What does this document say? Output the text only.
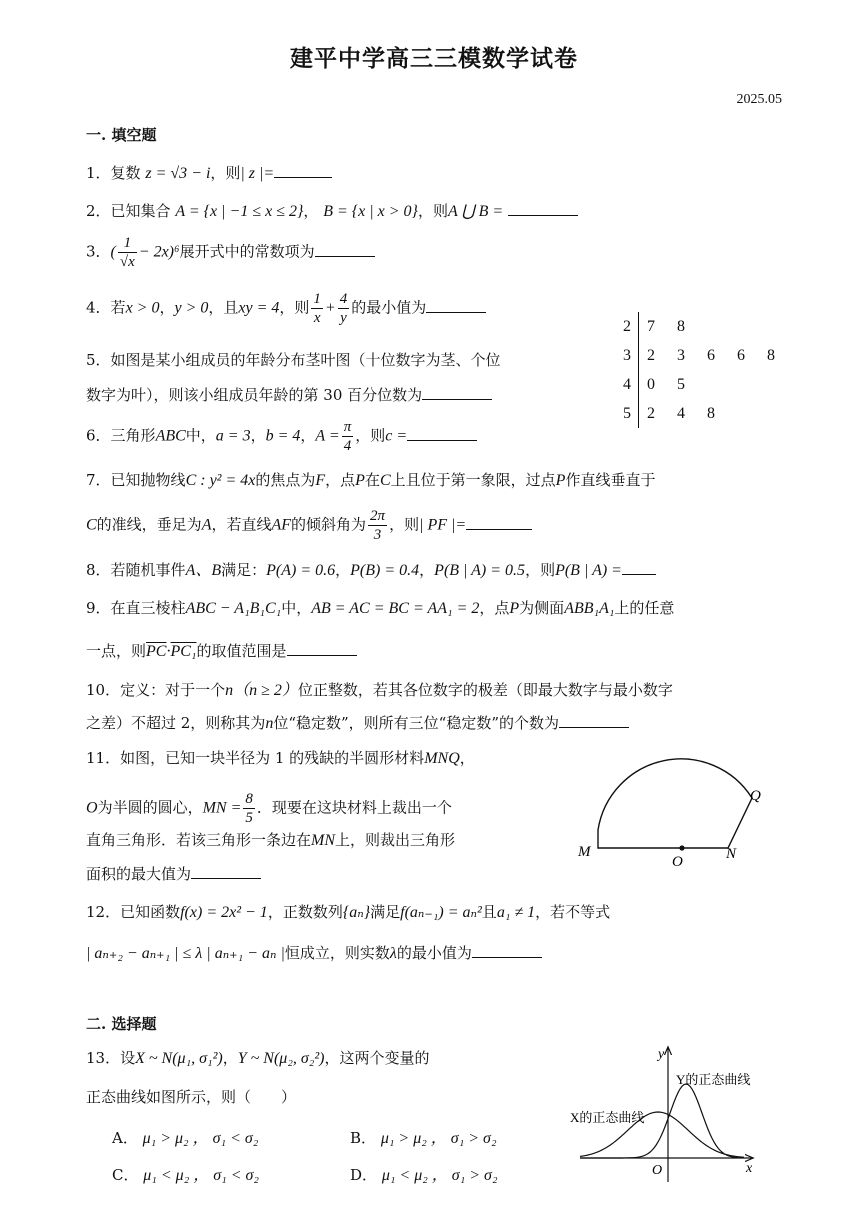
建平中学高三三模数学试卷
2025.05
一. 填空题
1．复数 z = √3 − i，则| z |=
2．已知集合 A = {x | −1 ≤ x ≤ 2}， B = {x | x > 0}，则A ⋃ B =
3．( $\frac{1}{√x} - 2x)^6$展开式中的常数项为
4．若x > 0，y > 0，且xy = 4，则 $\frac{1}{x} + \frac{4}{y}$ 的最小值为
2	7 8
3	2 3 6 6 8
4	0 5
5	2 4 8
5．如图是某小组成员的年龄分布茎叶图（十位数字为茎、个位
数字为叶），则该小组成员年龄的第 30 百分位数为
6．三角形ABC中，a = 3，b = 4，$A = \frac{\pi}{4}$ ，则c =
7．已知抛物线C : y² = 4x的焦点为F，点P在C上且位于第一象限，过点P作直线垂直于
C的准线，垂足为A，若直线AF的倾斜角为 $\frac{2\pi}{3}$ ，则| PF |=
8．若随机事件A、B满足：P(A) = 0.6，P(B) = 0.4，P(B | A) = 0.5，则P(B | A) =
9．在直三棱柱ABC − A₁B₁C₁中，AB = AC = BC = AA₁ = 2，点P为侧面ABB₁A₁上的任意
一点，则$\overline{PC}\cdot PC_1$的取值范围是
10．定义：对于一个n（n ≥ 2）位正整数，若其各位数字的极差（即最大数字与最小数字
之差）不超过 2，则称其为n位“稳定数”，则所有三位“稳定数”的个数为
11．如图，已知一块半径为 1 的残缺的半圆形材料MNQ，
O为半圆的圆心，MN = $\frac{8}{5}$ ．现要在这块材料上裁出一个
直角三角形．若该三角形一条边在MN上，则裁出三角形
面积的最大值为
M
O	N
Q
12．已知函数f(x) = 2x² − 1，正数数列{aₙ}满足f(aₙ₋₁) = aₙ²且a₁ ≠ 1，若不等式
| aₙ₊₂ − aₙ₊₁ | ≤ λ | aₙ₊₁ − aₙ |恒成立，则实数λ的最小值为
二. 选择题
13．设X ~ N(μ₁, σ₁²)，Y ~ N(μ₂, σ₂²)，这两个变量的
正态曲线如图所示，则（　　）
A． μ₁ > μ₂ ， σ₁ < σ₂	B． μ₁ > μ₂ ， σ₁ > σ₂
C． μ₁ < μ₂ ， σ₁ < σ₂	D． μ₁ < μ₂ ， σ₁ > σ₂
y
x
O
Y的正态曲线
X的正态曲线
